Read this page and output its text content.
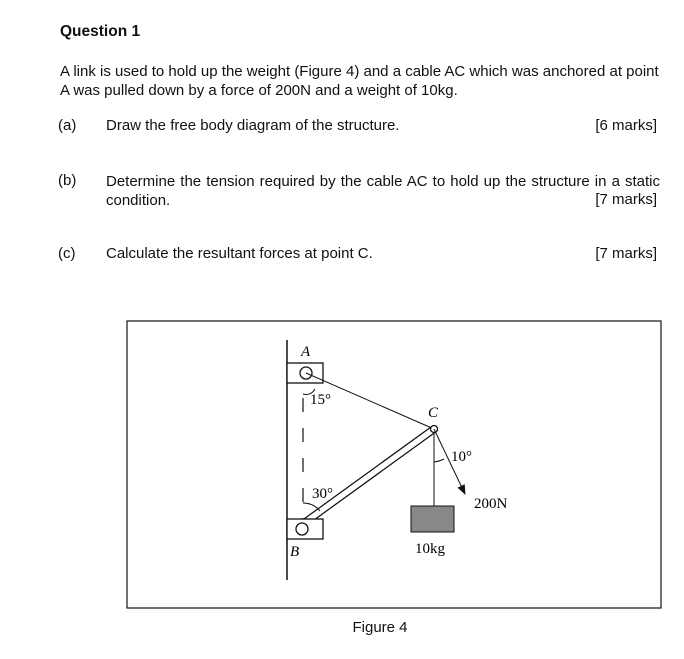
Question 1
A link is used to hold up the weight (Figure 4) and a cable AC which was anchored at point A was pulled down by a force of 200N and a weight of 10kg.
(a) Draw the free body diagram of the structure.	[6 marks]
(b) Determine the tension required by the cable AC to hold up the structure in a static condition.	[7 marks]
(c) Calculate the resultant forces at point C.	[7 marks]
A
B
C
15°
30°
10°
200N
10kg
Figure 4
